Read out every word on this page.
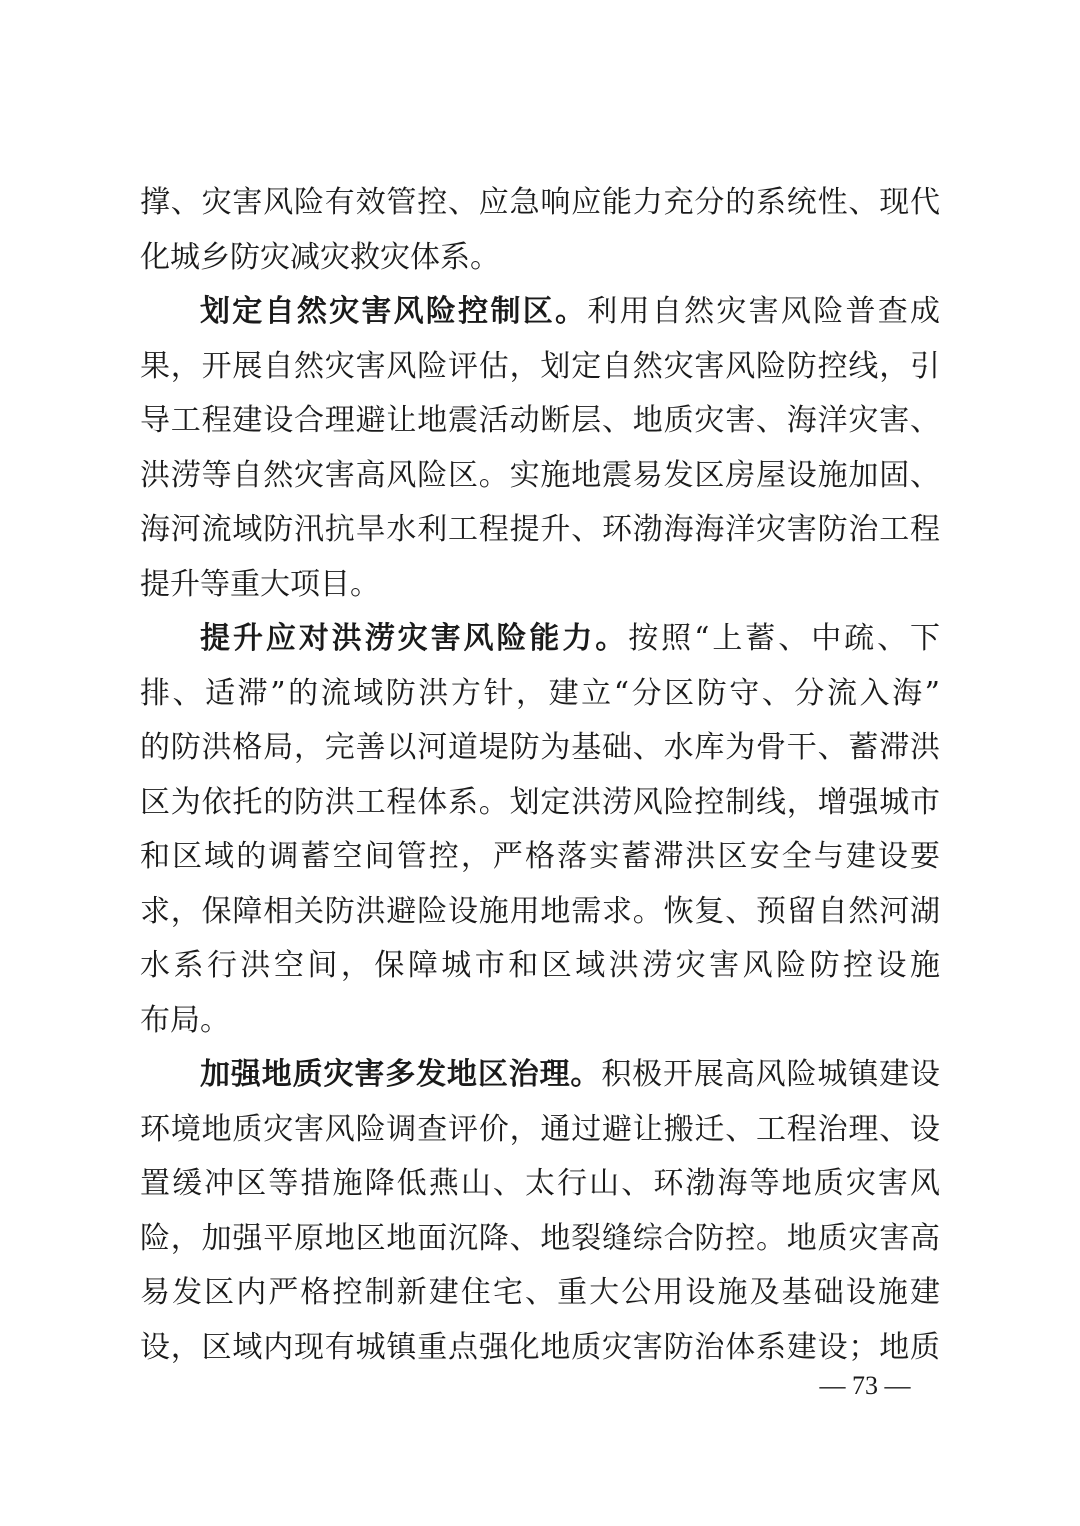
撑、灾害风险有效管控、应急响应能力充分的系统性、现代
化城乡防灾减灾救灾体系。
划定自然灾害风险控制区。利用自然灾害风险普查成
果，开展自然灾害风险评估，划定自然灾害风险防控线，引
导工程建设合理避让地震活动断层、地质灾害、海洋灾害、
洪涝等自然灾害高风险区。实施地震易发区房屋设施加固、
海河流域防汛抗旱水利工程提升、环渤海海洋灾害防治工程
提升等重大项目。
提升应对洪涝灾害风险能力。按照“上蓄、中疏、下
排、适滞”的流域防洪方针，建立“分区防守、分流入海”
的防洪格局，完善以河道堤防为基础、水库为骨干、蓄滞洪
区为依托的防洪工程体系。划定洪涝风险控制线，增强城市
和区域的调蓄空间管控，严格落实蓄滞洪区安全与建设要
求，保障相关防洪避险设施用地需求。恢复、预留自然河湖
水系行洪空间，保障城市和区域洪涝灾害风险防控设施
布局。
加强地质灾害多发地区治理。积极开展高风险城镇建设
环境地质灾害风险调查评价，通过避让搬迁、工程治理、设
置缓冲区等措施降低燕山、太行山、环渤海等地质灾害风
险，加强平原地区地面沉降、地裂缝综合防控。地质灾害高
易发区内严格控制新建住宅、重大公用设施及基础设施建
设，区域内现有城镇重点强化地质灾害防治体系建设；地质
— 73 —
